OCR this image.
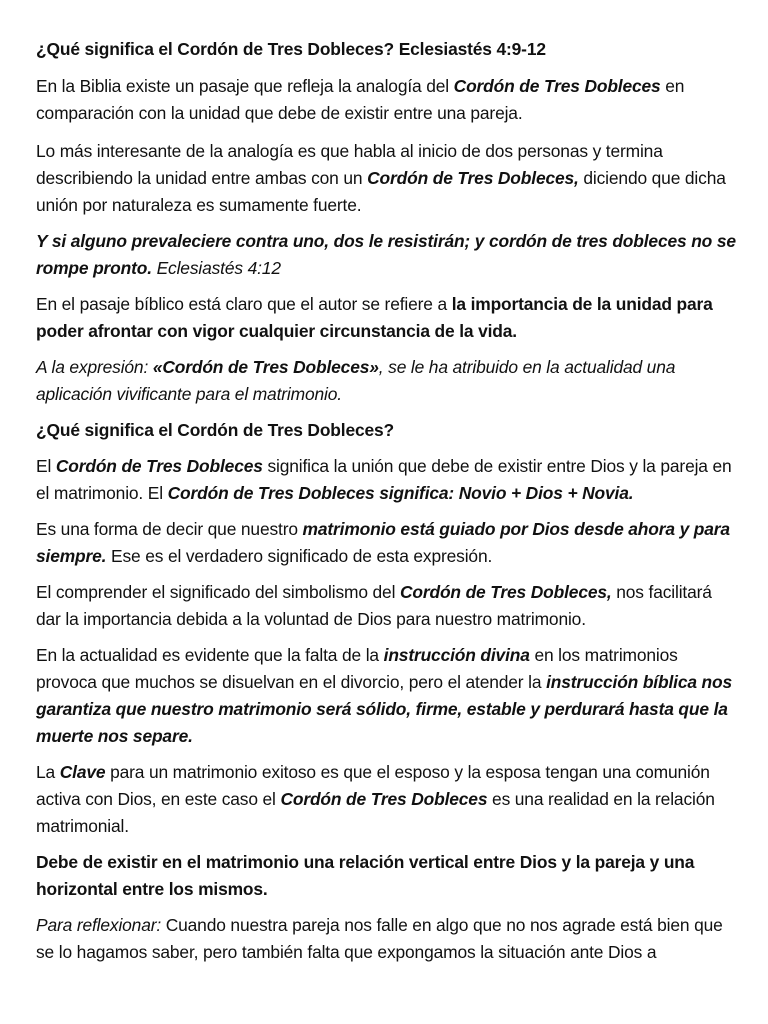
¿Qué significa el Cordón de Tres Dobleces? Eclesiastés 4:9-12

En la Biblia existe un pasaje que refleja la analogía del Cordón de Tres Dobleces en comparación con la unidad que debe de existir entre una pareja.

Lo más interesante de la analogía es que habla al inicio de dos personas y termina describiendo la unidad entre ambas con un Cordón de Tres Dobleces, diciendo que dicha unión por naturaleza es sumamente fuerte.

Y si alguno prevaleciere contra uno, dos le resistirán; y cordón de tres dobleces no se rompe pronto. Eclesiastés 4:12

En el pasaje bíblico está claro que el autor se refiere a la importancia de la unidad para poder afrontar con vigor cualquier circunstancia de la vida.

A la expresión: «Cordón de Tres Dobleces», se le ha atribuido en la actualidad una aplicación vivificante para el matrimonio.

¿Qué significa el Cordón de Tres Dobleces?

El Cordón de Tres Dobleces significa la unión que debe de existir entre Dios y la pareja en el matrimonio. El Cordón de Tres Dobleces significa: Novio + Dios + Novia.

Es una forma de decir que nuestro matrimonio está guiado por Dios desde ahora y para siempre. Ese es el verdadero significado de esta expresión.

El comprender el significado del simbolismo del Cordón de Tres Dobleces, nos facilitará dar la importancia debida a la voluntad de Dios para nuestro matrimonio.

En la actualidad es evidente que la falta de la instrucción divina en los matrimonios provoca que muchos se disuelvan en el divorcio, pero el atender la instrucción bíblica nos garantiza que nuestro matrimonio será sólido, firme, estable y perdurará hasta que la muerte nos separe.

La Clave para un matrimonio exitoso es que el esposo y la esposa tengan una comunión activa con Dios, en este caso el Cordón de Tres Dobleces es una realidad en la relación matrimonial.

Debe de existir en el matrimonio una relación vertical entre Dios y la pareja y una horizontal entre los mismos.

Para reflexionar: Cuando nuestra pareja nos falle en algo que no nos agrade está bien que se lo hagamos saber, pero también falta que expongamos la situación ante Dios a
